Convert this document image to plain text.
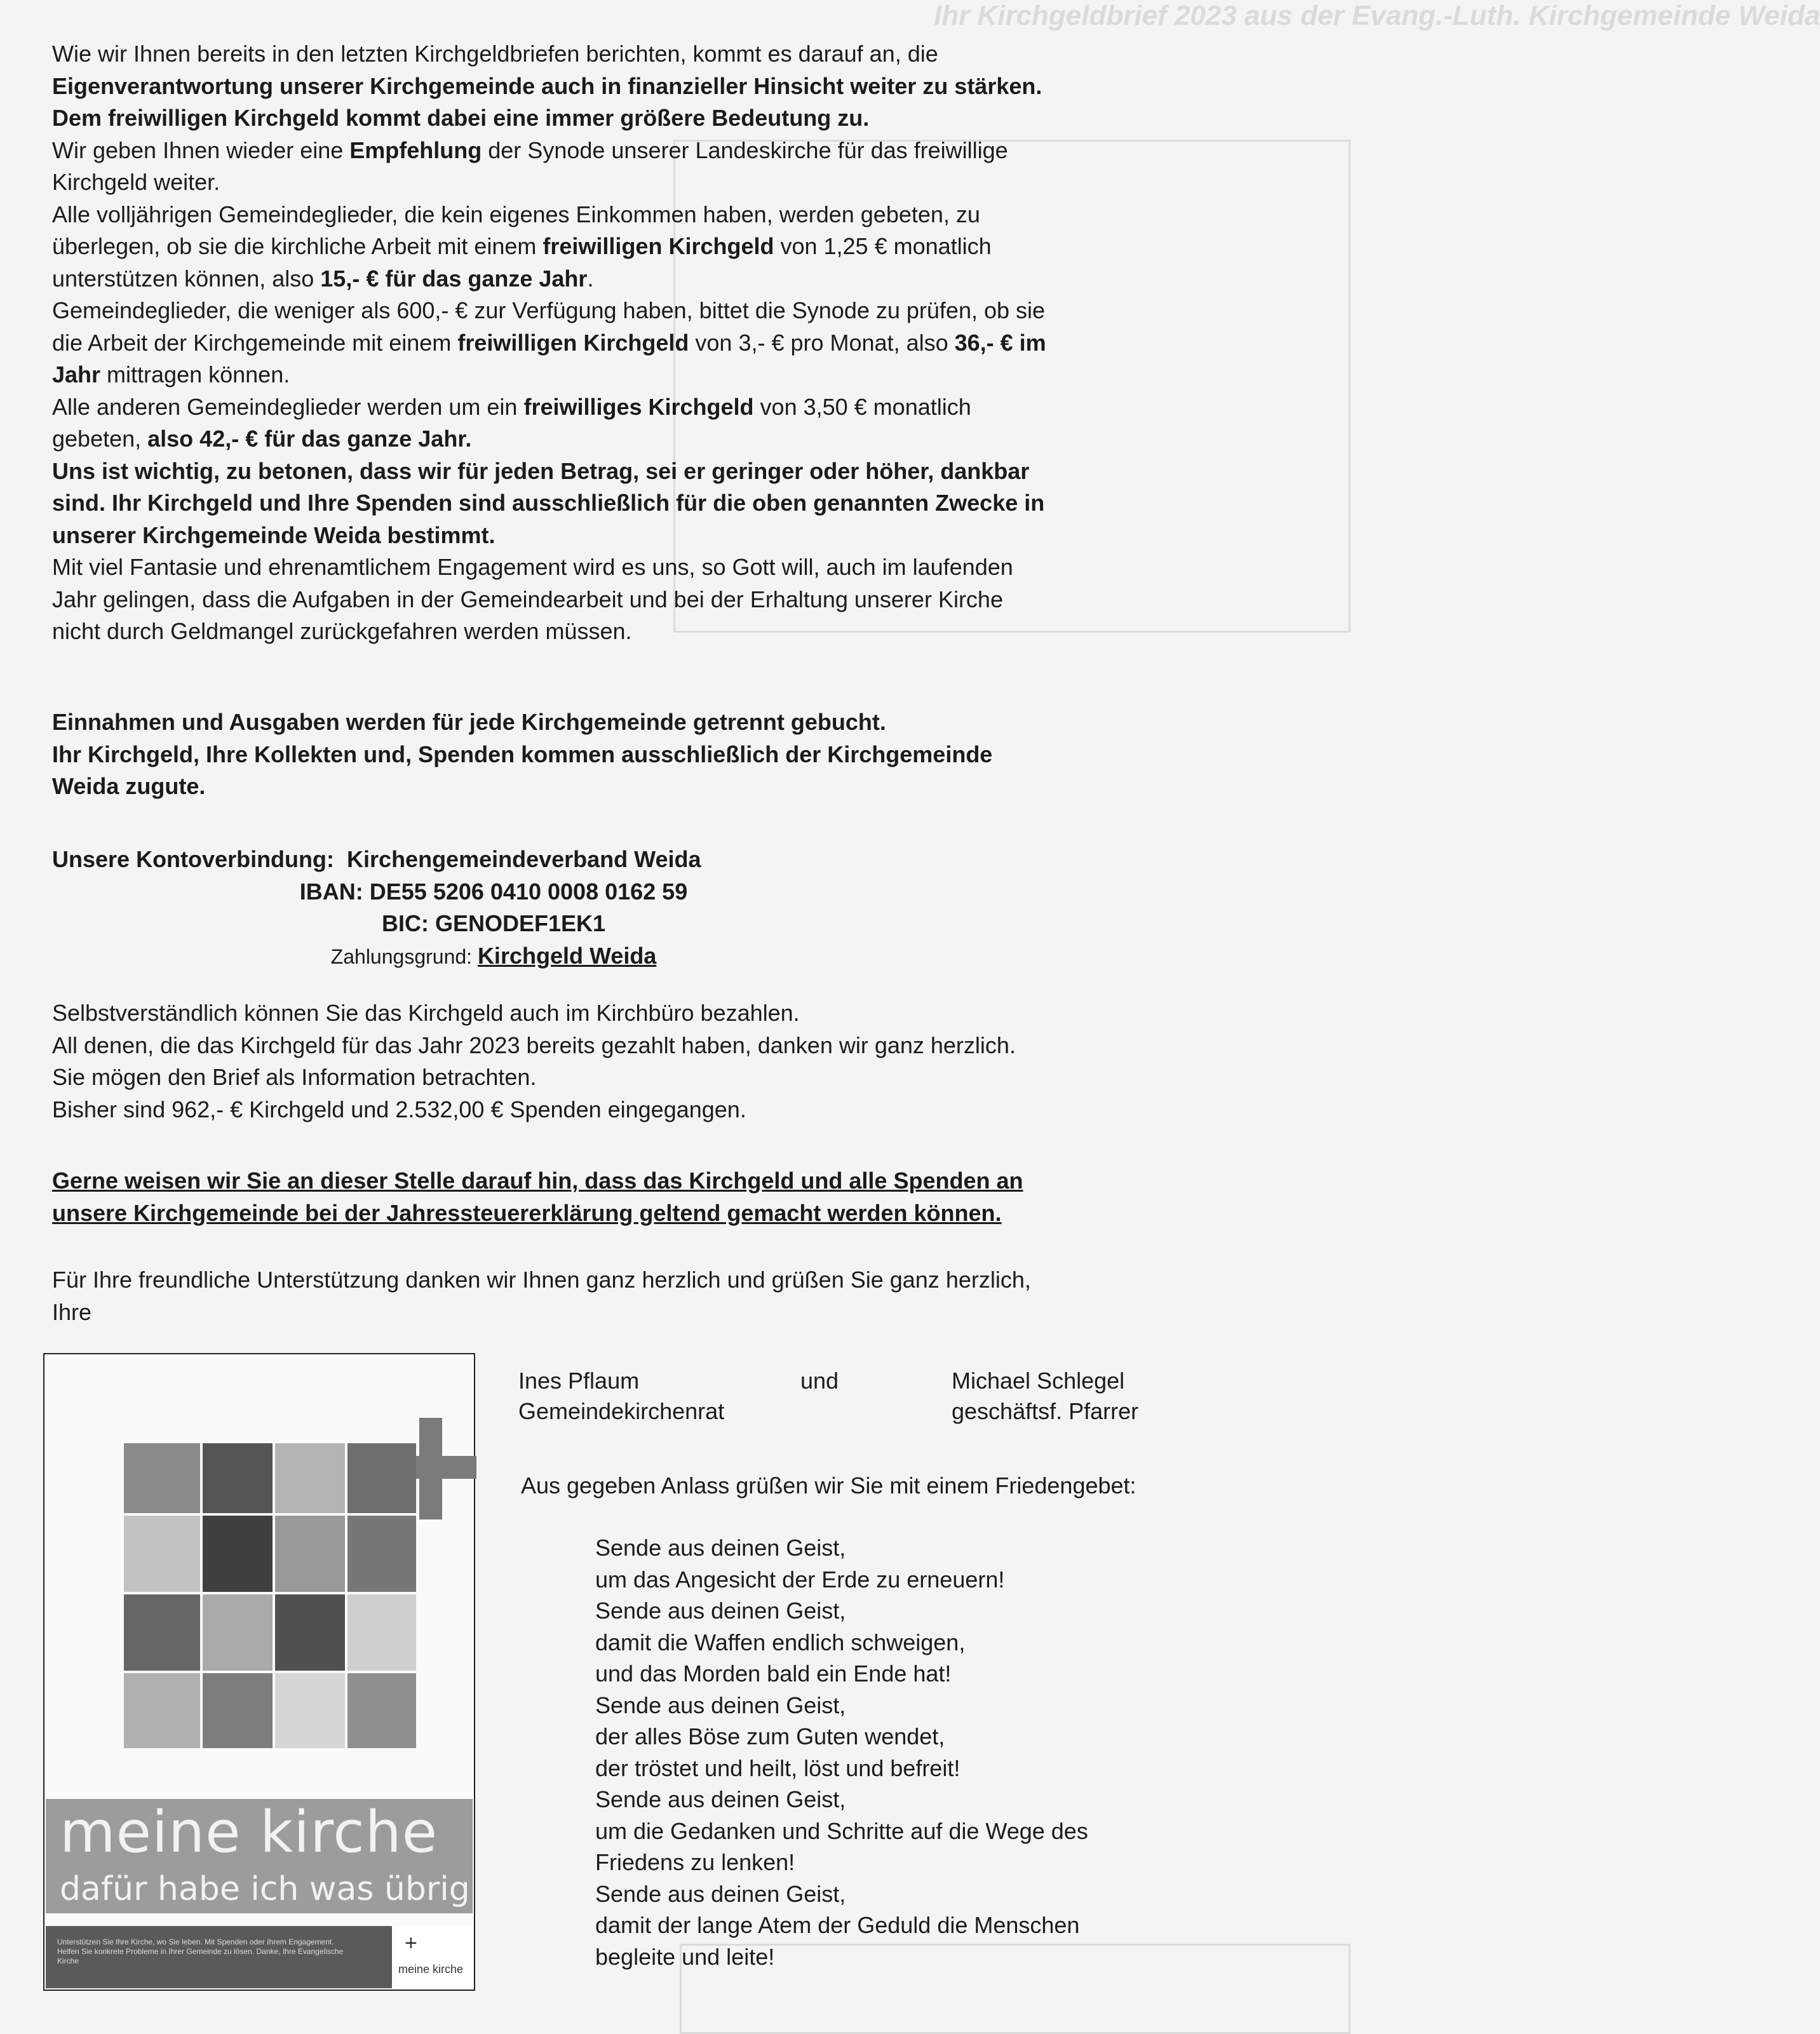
Ihr Kirchgeldbrief 2023 aus der Evang.-Luth. Kirchgemeinde Weida

Wie wir Ihnen bereits in den letzten Kirchgeldbriefen berichten, kommt es darauf an, die

Eigenverantwortung unserer Kirchgemeinde auch in finanzieller Hinsicht weiter zu stärken.

Dem freiwilligen Kirchgeld kommt dabei eine immer größere Bedeutung zu.

Wir geben Ihnen wieder eine Empfehlung der Synode unserer Landeskirche für das freiwillige

Kirchgeld weiter.

Alle volljährigen Gemeindeglieder, die kein eigenes Einkommen haben, werden gebeten, zu

überlegen, ob sie die kirchliche Arbeit mit einem freiwilligen Kirchgeld von 1,25 € monatlich

unterstützen können, also 15,- € für das ganze Jahr.

Gemeindeglieder, die weniger als 600,- € zur Verfügung haben, bittet die Synode zu prüfen, ob sie

die Arbeit der Kirchgemeinde mit einem freiwilligen Kirchgeld von 3,- € pro Monat, also 36,- € im

Jahr mittragen können.

Alle anderen Gemeindeglieder werden um ein freiwilliges Kirchgeld von 3,50 € monatlich

gebeten, also 42,- € für das ganze Jahr.

Uns ist wichtig, zu betonen, dass wir für jeden Betrag, sei er geringer oder höher, dankbar

sind. Ihr Kirchgeld und Ihre Spenden sind ausschließlich für die oben genannten Zwecke in

unserer Kirchgemeinde Weida bestimmt.

Mit viel Fantasie und ehrenamtlichem Engagement wird es uns, so Gott will, auch im laufenden

Jahr gelingen, dass die Aufgaben in der Gemeindearbeit und bei der Erhaltung unserer Kirche

nicht durch Geldmangel zurückgefahren werden müssen.

Einnahmen und Ausgaben werden für jede Kirchgemeinde getrennt gebucht.

Ihr Kirchgeld, Ihre Kollekten und, Spenden kommen ausschließlich der Kirchgemeinde

Weida zugute.

Unsere Kontoverbindung: Kirchengemeindeverband Weida

IBAN: DE55 5206 0410 0008 0162 59

BIC: GENODEF1EK1

Zahlungsgrund: Kirchgeld Weida

Selbstverständlich können Sie das Kirchgeld auch im Kirchbüro bezahlen.

All denen, die das Kirchgeld für das Jahr 2023 bereits gezahlt haben, danken wir ganz herzlich.

Sie mögen den Brief als Information betrachten.

Bisher sind 962,- € Kirchgeld und 2.532,00 € Spenden eingegangen.

Gerne weisen wir Sie an dieser Stelle darauf hin, dass das Kirchgeld und alle Spenden an

unsere Kirchgemeinde bei der Jahressteuererklärung geltend gemacht werden können.

Für Ihre freundliche Unterstützung danken wir Ihnen ganz herzlich und grüßen Sie ganz herzlich,

Ihre

Ines Pflaum
Gemeindekirchenrat
und	Michael Schlegel
geschäftsf. Pfarrer
Aus gegeben Anlass grüßen wir Sie mit einem Friedengebet:
Sende aus deinen Geist,
um das Angesicht der Erde zu erneuern!
Sende aus deinen Geist,
damit die Waffen endlich schweigen,
und das Morden bald ein Ende hat!
Sende aus deinen Geist,
der alles Böse zum Guten wendet,
der tröstet und heilt, löst und befreit!
Sende aus deinen Geist,
um die Gedanken und Schritte auf die Wege des
Friedens zu lenken!
Sende aus deinen Geist,
damit der lange Atem der Geduld die Menschen
begleite und leite!
meine kirche
dafür habe ich was übrig
Unterstützen Sie Ihre Kirche, wo Sie leben. Mit Spenden oder Ihrem Engagement. Helfen Sie konkrete Probleme in Ihrer Gemeinde zu lösen. Danke, Ihre Evangelische Kirche
+
meine kirche
